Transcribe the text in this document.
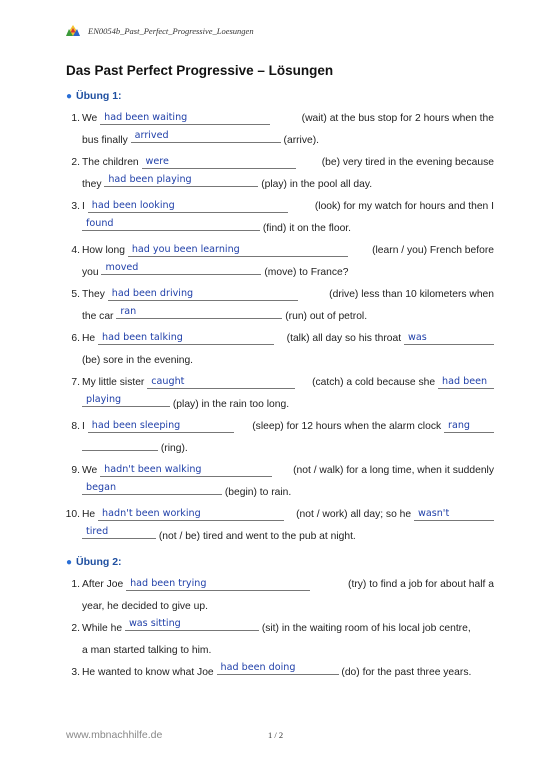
EN0054b_Past_Perfect_Progressive_Loesungen
Das Past Perfect Progressive – Lösungen
● Übung 1:
1. We had been waiting	(wait) at the bus stop for 2 hours when the
bus finally
arrived
	(arrive).
2. The children were	(be) very tired in the evening because
they
had been playing
	(play) in the pool all day.
3. I had been looking	(look) for my watch for hours and then I
found
	(find) it on the floor.
4. How long had you been learning	(learn / you) French before
you
moved
	(move) to France?
5. They had been driving	(drive) less than 10 kilometers when
the car
ran
	(run) out of petrol.
6. He had been talking	(talk) all day so his throat was
(be) sore in the evening.
7. My little sister caught	(catch) a cold because she had been
playing
	(play) in the rain too long.
8. I had been sleeping	(sleep) for 12 hours when the alarm clock rang

(ring).
9. We hadn't been walking	(not / walk) for a long time, when it suddenly
began
	(begin) to rain.
10. He hadn't been working	(not / work) all day; so he wasn't
tired
	(not / be) tired and went to the pub at night.
● Übung 2:
1. After Joe had been trying	(try) to find a job for about half a
year, he decided to give up.
2. While he
was sitting
	(sit) in the waiting room of his local job centre,
a man started talking to him.
3. He wanted to know what Joe
had been doing
	(do) for the past three years.
www.mbnachhilfe.de	1 / 2
